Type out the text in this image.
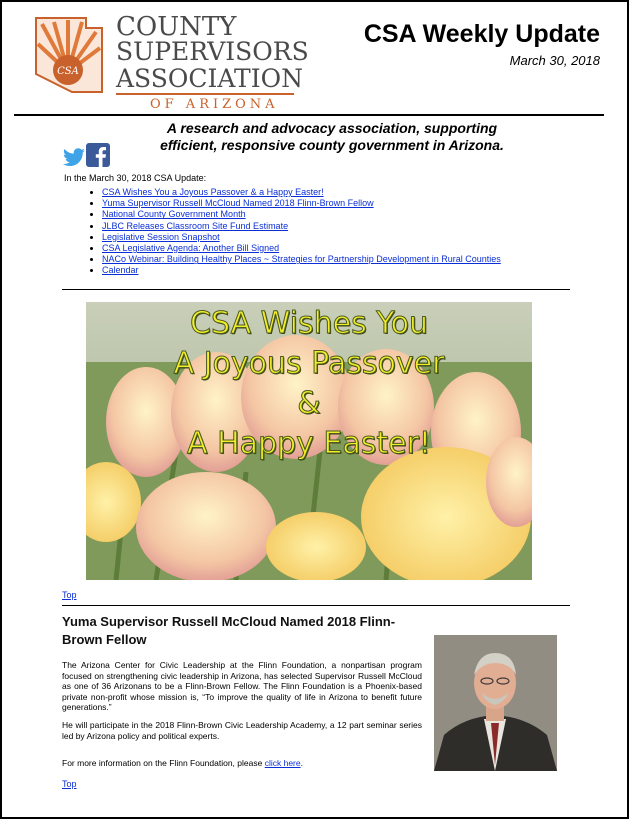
CSA
COUNTY
SUPERVISORS
ASSOCIATION
OF ARIZONA
CSA Weekly Update
March 30, 2018
A research and advocacy association, supporting
efficient, responsive county government in Arizona.
In the March 30, 2018 CSA Update:
• CSA Wishes You a Joyous Passover & a Happy Easter!
• Yuma Supervisor Russell McCloud Named 2018 Flinn-Brown Fellow
• National County Government Month
• JLBC Releases Classroom Site Fund Estimate
• Legislative Session Snapshot
• CSA Legislative Agenda: Another Bill Signed
• NACo Webinar: Building Healthy Places ~ Strategies for Partnership Development in Rural Counties
• Calendar
CSA Wishes You
A Joyous Passover
&
A Happy Easter!
Top
Yuma Supervisor Russell McCloud Named 2018 Flinn-Brown Fellow
The Arizona Center for Civic Leadership at the Flinn Foundation, a nonpartisan program focused on strengthening civic leadership in Arizona, has selected Supervisor Russell McCloud as one of 36 Arizonans to be a Flinn-Brown Fellow. The Flinn Foundation is a Phoenix-based private non-profit whose mission is, “To improve the quality of life in Arizona to benefit future generations.”
He will participate in the 2018 Flinn-Brown Civic Leadership Academy, a 12 part seminar series led by Arizona policy and political experts.
For more information on the Flinn Foundation, please click here.
Top
